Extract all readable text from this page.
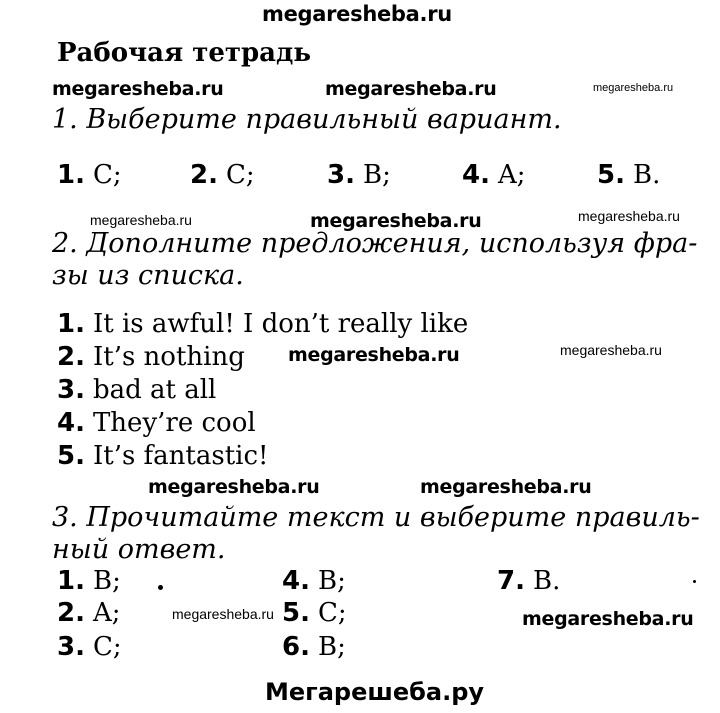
megaresheba.ru
Рабочая тетрадь
megaresheba.ru	megaresheba.ru	megaresheba.ru
1. Выберите правильный вариант.
1. C;	2. C;	3. B;	4. A;	5. B.
megaresheba.ru	megaresheba.ru	megaresheba.ru
2. Дополните предложения, используя фра-
зы из списка.
1. It is awful! I don’t really like
2. It’s nothing
3. bad at all
4. They’re cool
5. It’s fantastic!
megaresheba.ru	megaresheba.ru
megaresheba.ru	megaresheba.ru
3. Прочитайте текст и выберите правиль-
ный ответ.
1. B;
2. A;
3. C;
4. B;
5. C;
6. B;
7. B.
megaresheba.ru	megaresheba.ru
Мегарешеба.ру
